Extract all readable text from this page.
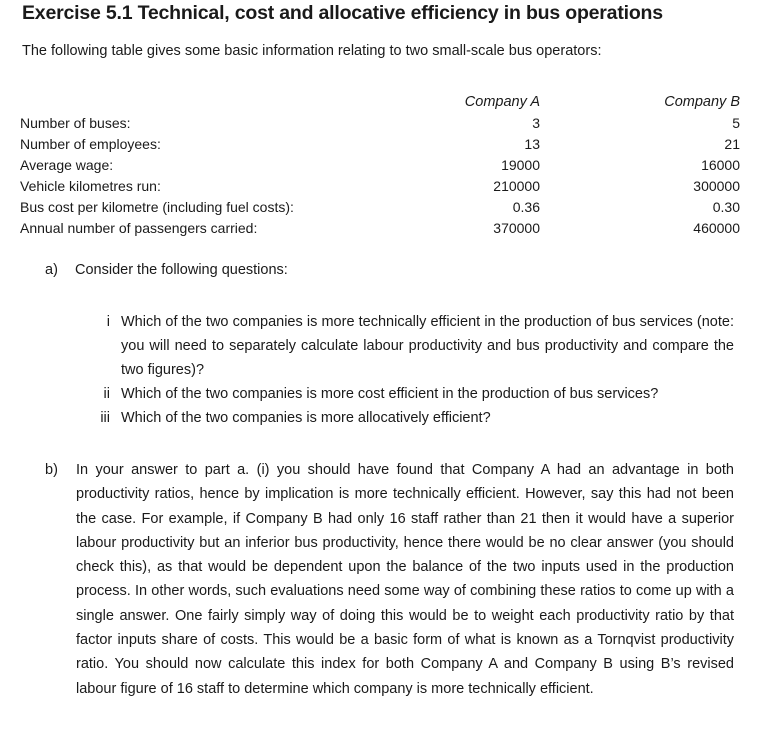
Exercise 5.1 Technical, cost and allocative efficiency in bus operations

The following table gives some basic information relating to two small-scale bus operators:

	Company A		Company B
Number of buses:	3		5
Number of employees:	13		21
Average wage:	19000		16000
Vehicle kilometres run:	210000		300000
Bus cost per kilometre (including fuel costs):	0.36		0.30
Annual number of passengers carried:	370000		460000

a) Consider the following questions:

i Which of the two companies is more technically efficient in the production of bus services (note: you will need to separately calculate labour productivity and bus productivity and compare the two figures)?
ii Which of the two companies is more cost efficient in the production of bus services?
iii Which of the two companies is more allocatively efficient?
b) In your answer to part a. (i) you should have found that Company A had an advantage in both productivity ratios, hence by implication is more technically efficient. However, say this had not been the case. For example, if Company B had only 16 staff rather than 21 then it would have a superior labour productivity but an inferior bus productivity, hence there would be no clear answer (you should check this), as that would be dependent upon the balance of the two inputs used in the production process. In other words, such evaluations need some way of combining these ratios to come up with a single answer. One fairly simply way of doing this would be to weight each productivity ratio by that factor inputs share of costs. This would be a basic form of what is known as a Tornqvist productivity ratio. You should now calculate this index for both Company A and Company B using B’s revised labour figure of 16 staff to determine which company is more technically efficient.
